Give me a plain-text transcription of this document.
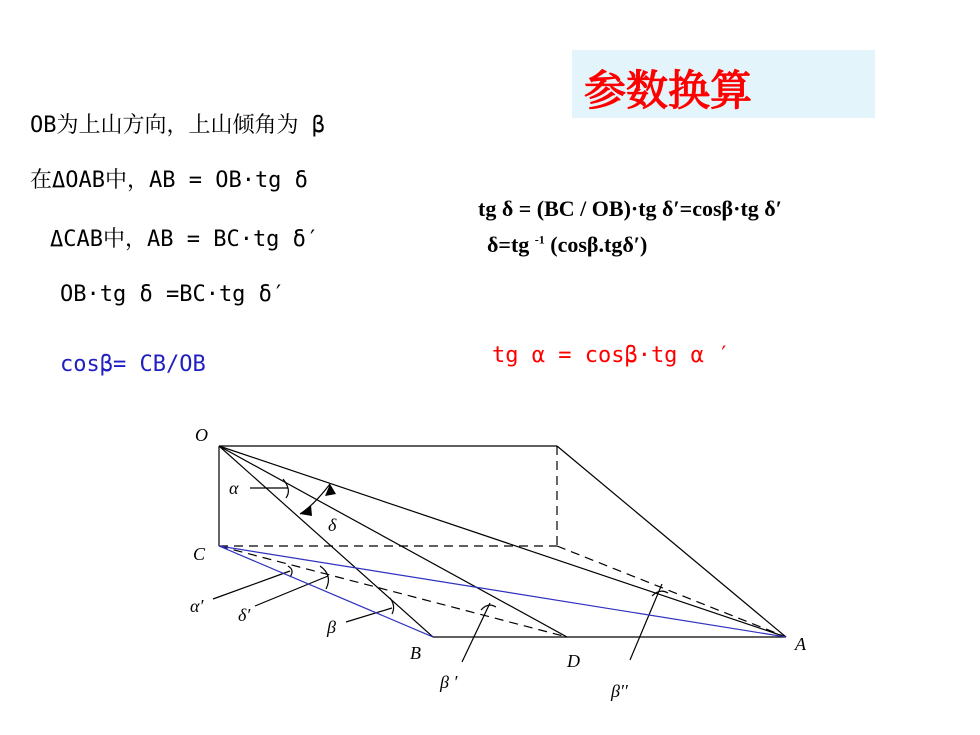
参数换算
OB为上山方向，上山倾角为 β
在ΔOAB中，AB = OB·tg δ
ΔCAB中，AB = BC·tg δ′
OB·tg δ =BC·tg δ′
cosβ= CB/OB
tg δ = (BC / OB)·tg δ′=cosβ·tg δ′
δ=tg $^{-1}$ (cosβ.tgδ′)
tg α = cosβ·tg α ′
O
C
B	D
A
α
δ
α′ δ′
β
β ′	β′′
